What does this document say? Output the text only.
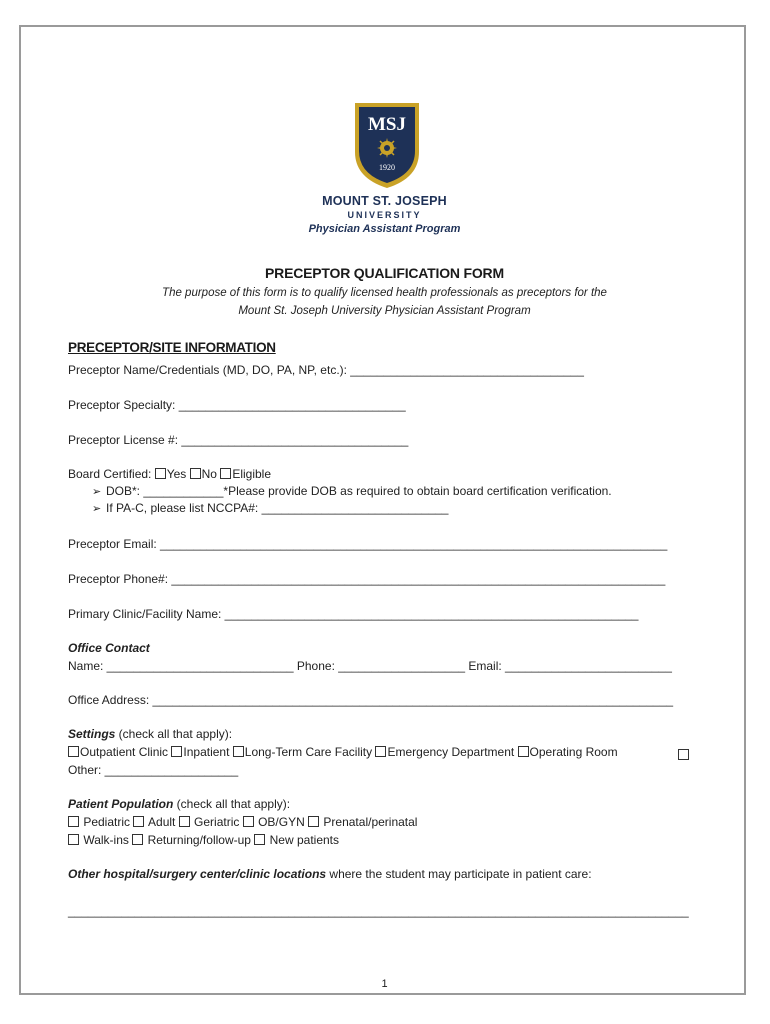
MSJ
1920
MOUNT ST. JOSEPH
UNIVERSITY
Physician Assistant Program
PRECEPTOR QUALIFICATION FORM
The purpose of this form is to qualify licensed health professionals as preceptors for the
Mount St. Joseph University Physician Assistant Program
PRECEPTOR/SITE INFORMATION
Preceptor Name/Credentials (MD, DO, PA, NP, etc.): ___________________________________
Preceptor Specialty: __________________________________
Preceptor License #: __________________________________
Board Certified: Yes No Eligible
➢ DOB*: ____________*Please provide DOB as required to obtain board certification verification.
➢ If PA-C, please list NCCPA#: ____________________________
Preceptor Email: ____________________________________________________________________________
Preceptor Phone#: __________________________________________________________________________
Primary Clinic/Facility Name: ______________________________________________________________
Office Contact
Name: ____________________________ Phone: ___________________ Email: _________________________
Office Address: ______________________________________________________________________________
Settings (check all that apply):
Outpatient Clinic Inpatient Long-Term Care Facility Emergency Department Operating Room
Other: ____________________
Patient Population (check all that apply):
Pediatric  Adult  Geriatric  OB/GYN  Prenatal/perinatal
Walk-ins  Returning/follow-up  New patients
Other hospital/surgery center/clinic locations where the student may participate in patient care:
_____________________________________________________________________________________________
1
